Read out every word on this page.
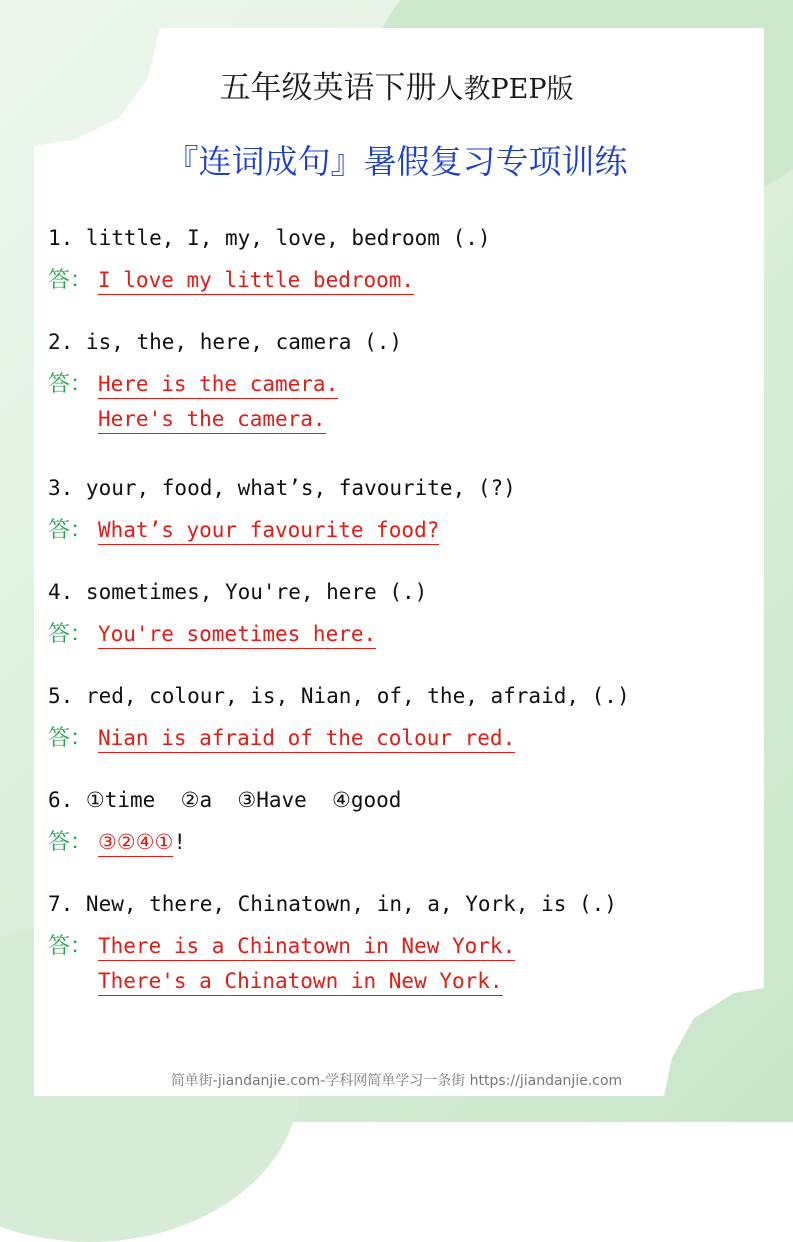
五年级英语下册人教PEP版
『连词成句』暑假复习专项训练
1. little, I, my, love, bedroom (.)
答： I love my little bedroom.
2. is, the, here, camera (.)
答： Here is the camera.
Here's the camera.
3. your, food, what’s, favourite, (?)
答： What’s your favourite food?
4. sometimes, You're, here (.)
答： You're sometimes here.
5. red, colour, is, Nian, of, the, afraid, (.)
答： Nian is afraid of the colour red.
6. ①time  ②a  ③Have  ④good
答： ③②④① !
7. New, there, Chinatown, in, a, York, is (.)
答： There is a Chinatown in New York.
There's a Chinatown in New York.
简单街-jiandanjie.com-学科网简单学习一条街 https://jiandanjie.com
